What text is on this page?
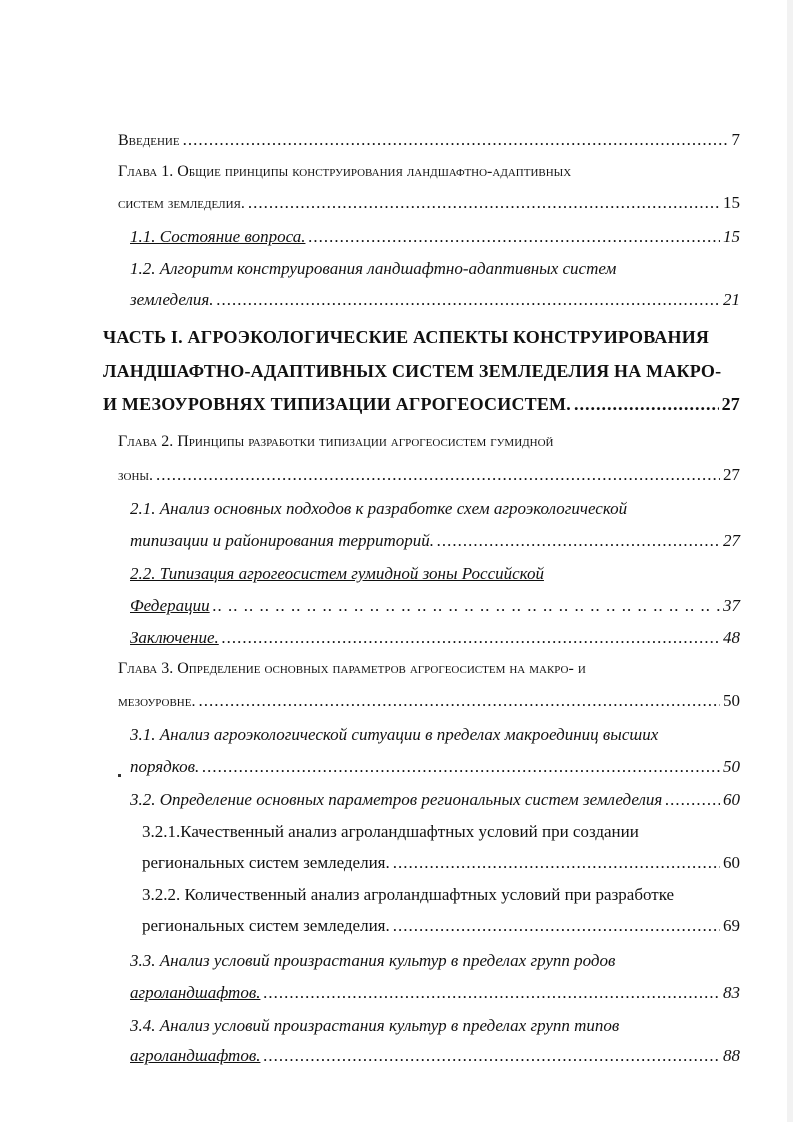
Введение .....	7
Глава 1. Общие принципы конструирования ландшафтно-адаптивных
систем земледелия. .....	15
1.1. Состояние вопроса. .....	15
1.2. Алгоритм конструирования ландшафтно-адаптивных систем
земледелия. .....	21
ЧАСТЬ I. АГРОЭКОЛОГИЧЕСКИЕ АСПЕКТЫ КОНСТРУИРОВАНИЯ
ЛАНДШАФТНО-АДАПТИВНЫХ СИСТЕМ ЗЕМЛЕДЕЛИЯ НА МАКРО-
И МЕЗОУРОВНЯХ ТИПИЗАЦИИ АГРОГЕОСИСТЕМ. .....	27
Глава 2. Принципы разработки типизации агрогеосистем гумидной
зоны. .....	27
2.1. Анализ основных подходов к разработке схем агроэкологической
типизации и районирования территорий. .....	27
2.2. Типизация агрогеосистем гумидной зоны Российской
Федерации .. ..	37
Заключение. .....	48
Глава 3. Определение основных параметров агрогеосистем на макро- и
мезоуровне. .....	50
3.1. Анализ агроэкологической ситуации в пределах макроединиц высших
порядков. .....	50
3.2. Определение основных параметров региональных систем земледелия .....	60
3.2.1.Качественный анализ агроландшафтных условий при создании
региональных систем земледелия. .....	60
3.2.2. Количественный анализ агроландшафтных условий при разработке
региональных систем земледелия. .....	69
3.3. Анализ условий произрастания культур в пределах групп родов
агроландшафтов. .....	83
3.4. Анализ условий произрастания культур в пределах групп типов
агроландшафтов. .....	88
